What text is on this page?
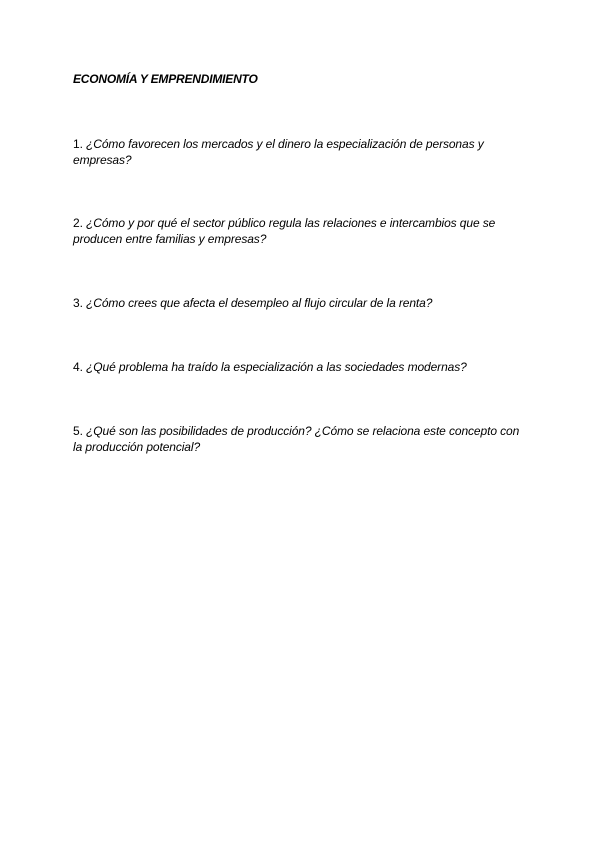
ECONOMÍA Y EMPRENDIMIENTO
1. ¿Cómo favorecen los mercados y el dinero la especialización de personas y empresas?
2. ¿Cómo y por qué el sector público regula las relaciones e intercambios que se producen entre familias y empresas?
3. ¿Cómo crees que afecta el desempleo al flujo circular de la renta?
4. ¿Qué problema ha traído la especialización a las sociedades modernas?
5. ¿Qué son las posibilidades de producción? ¿Cómo se relaciona este concepto con la producción potencial?
